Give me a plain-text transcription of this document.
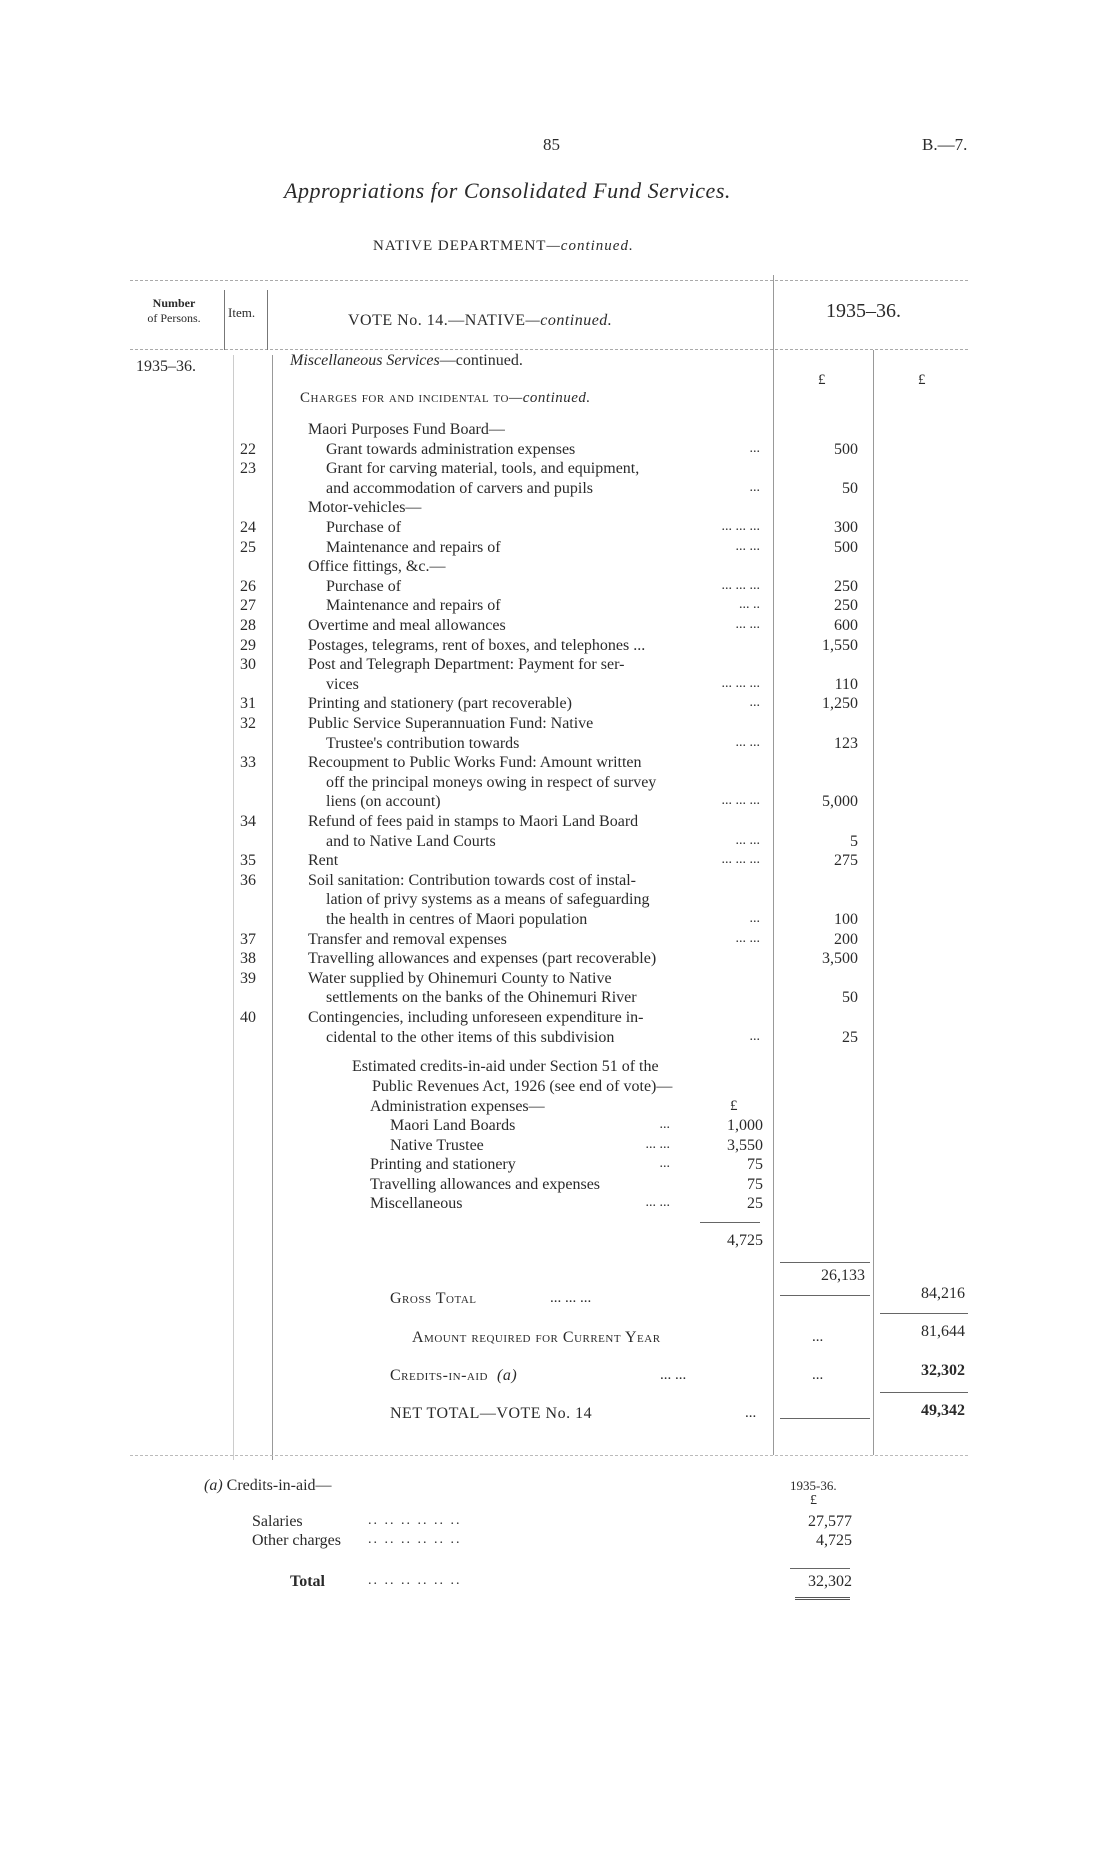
85	B.—7.
Appropriations for Consolidated Fund Services.
NATIVE DEPARTMENT—continued.
Number
of Persons.	Item.	VOTE No. 14.—NATIVE—continued.	1935–36.
1935–36.	Miscellaneous Services—continued.
£	£
Charges for and incidental to—continued.
Maori Purposes Fund Board—
22	Grant towards administration expenses	...	500
23	Grant for carving material, tools, and equipment,
and accommodation of carvers and pupils	...	50
Motor-vehicles—
24	Purchase of	... ... ...	300
25	Maintenance and repairs of	... ...	500
Office fittings, &c.—
26	Purchase of	... ... ...	250
27	Maintenance and repairs of	... ..	250
28	Overtime and meal allowances	... ...	600
29	Postages, telegrams, rent of boxes, and telephones ...	1,550
30	Post and Telegraph Department: Payment for ser-
vices	... ... ...	110
31	Printing and stationery (part recoverable)	...	1,250
32	Public Service Superannuation Fund: Native
Trustee's contribution towards	... ...	123
33	Recoupment to Public Works Fund: Amount written
off the principal moneys owing in respect of survey
liens (on account)	... ... ...	5,000
34	Refund of fees paid in stamps to Maori Land Board
and to Native Land Courts	... ...	5
35	Rent	... ... ...	275
36	Soil sanitation: Contribution towards cost of instal-
lation of privy systems as a means of safeguarding
the health in centres of Maori population	...	100
37	Transfer and removal expenses	... ...	200
38	Travelling allowances and expenses (part recoverable)	3,500
39	Water supplied by Ohinemuri County to Native
settlements on the banks of the Ohinemuri River	50
40	Contingencies, including unforeseen expenditure in-
cidental to the other items of this subdivision	...	25
Estimated credits-in-aid under Section 51 of the
Public Revenues Act, 1926 (see end of vote)—
Administration expenses—	£
Maori Land Boards	...	1,000
Native Trustee	... ...	3,550
Printing and stationery	...	75
Travelling allowances and expenses	75
Miscellaneous	... ...	25
4,725
26,133
Gross Total	... ... ...	84,216
Amount required for Current Year	...	81,644
Credits-in-aid (a)	... ...	...	32,302
NET TOTAL—VOTE No. 14	...	49,342
(a) Credits-in-aid—	1935-36.
£
Salaries	.. .. .. .. .. ..	27,577
Other charges .. .. .. .. .. ..	4,725
Total	.. .. .. .. .. ..	32,302
